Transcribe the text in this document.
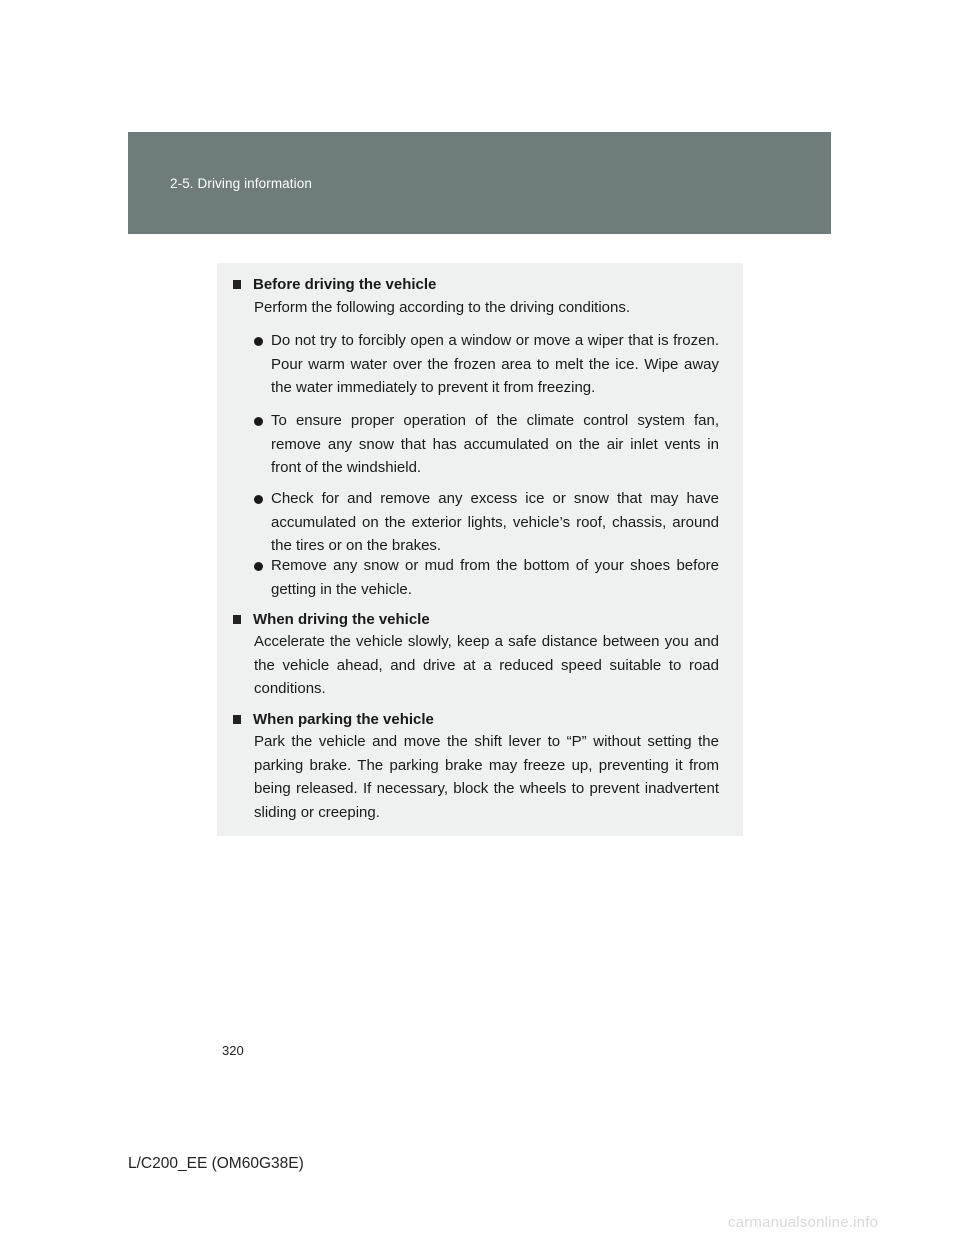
2-5. Driving information
Before driving the vehicle
Perform the following according to the driving conditions.
Do not try to forcibly open a window or move a wiper that is frozen. Pour warm water over the frozen area to melt the ice. Wipe away the water immediately to prevent it from freezing.
To ensure proper operation of the climate control system fan, remove any snow that has accumulated on the air inlet vents in front of the windshield.
Check for and remove any excess ice or snow that may have accumulated on the exterior lights, vehicle’s roof, chassis, around the tires or on the brakes.
Remove any snow or mud from the bottom of your shoes before getting in the vehicle.
When driving the vehicle
Accelerate the vehicle slowly, keep a safe distance between you and the vehicle ahead, and drive at a reduced speed suitable to road conditions.
When parking the vehicle
Park the vehicle and move the shift lever to “P” without setting the parking brake. The parking brake may freeze up, preventing it from being released. If necessary, block the wheels to prevent inadvertent sliding or creeping.
320
L/C200_EE (OM60G38E)
carmanualsonline.info
